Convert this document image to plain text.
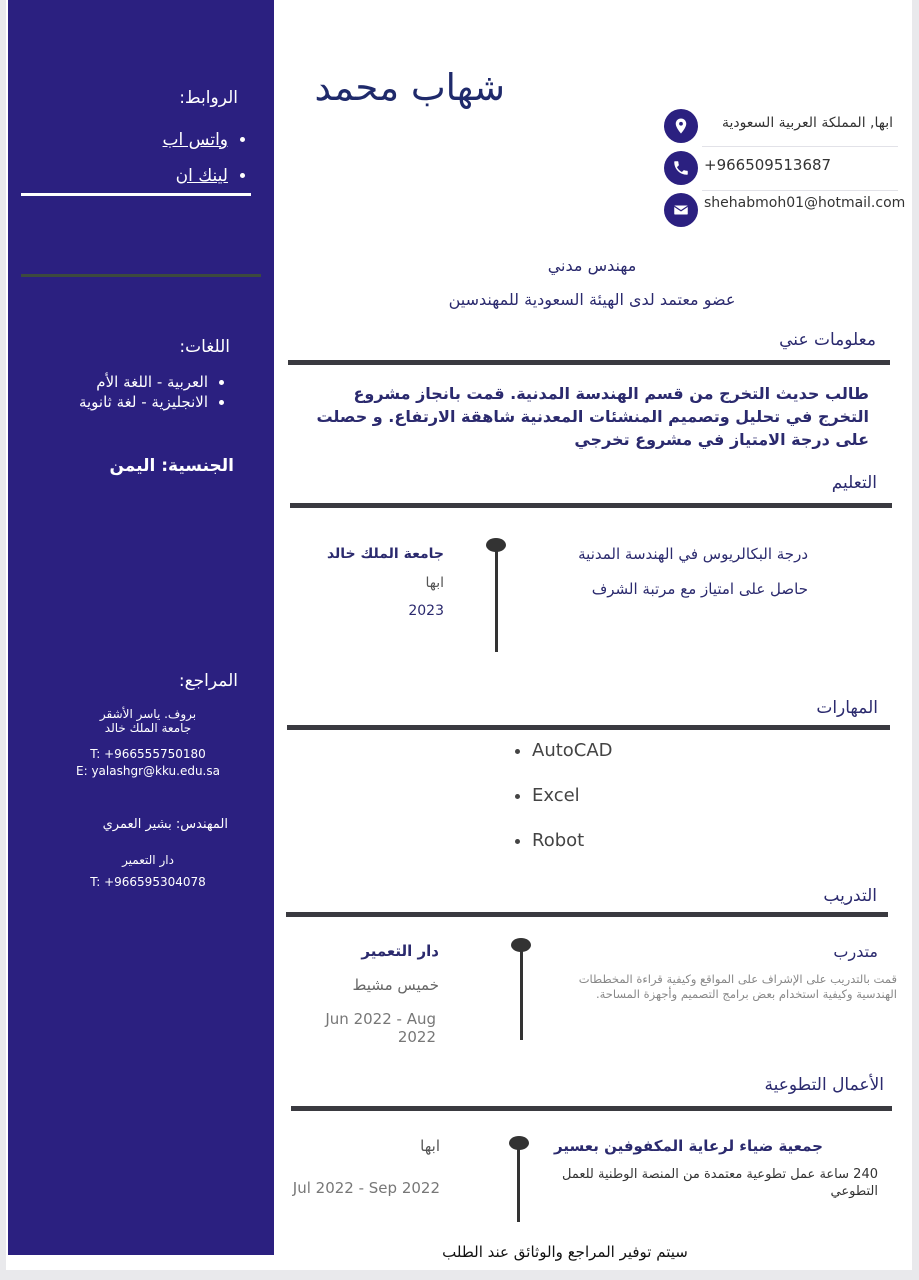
الروابط:
• واتس اب
• لينك ان
اللغات:
• العربية - اللغة الأم
• الانجليزية - لغة ثانوية
الجنسية: اليمن
المراجع:
بروف. ياسر الأشقر
جامعة الملك خالد
T: +966555750180
E: yalashgr@kku.edu.sa
المهندس: بشير العمري
دار التعمير
T: +966595304078
شهاب محمد
ابها, المملكة العربية السعودية
+966509513687
shehabmoh01@hotmail.com
مهندس مدني
عضو معتمد لدى الهيئة السعودية للمهندسين
معلومات عني
طالب حديث التخرج من قسم الهندسة المدنية. قمت بانجاز مشروع التخرج في تحليل وتصميم المنشئات المعدنية شاهقة الارتفاع. و حصلت على درجة الامتياز في مشروع تخرجي
التعليم
جامعة الملك خالد
ابها
2023
درجة البكالريوس في الهندسة المدنية
حاصل على امتياز مع مرتبة الشرف
المهارات
• AutoCAD
• Excel
• Robot
التدريب
دار التعمير
خميس مشيط
Jun 2022 - Aug 2022
متدرب
قمت بالتدريب على الإشراف على المواقع وكيفية قراءة المخططات الهندسية وكيفية استخدام بعض برامج التصميم وأجهزة المساحة.
الأعمال التطوعية
ابها
Jul 2022 - Sep 2022
جمعية ضياء لرعاية المكفوفين بعسير
240 ساعة عمل تطوعية معتمدة من المنصة الوطنية للعمل التطوعي
سيتم توفير المراجع والوثائق عند الطلب
